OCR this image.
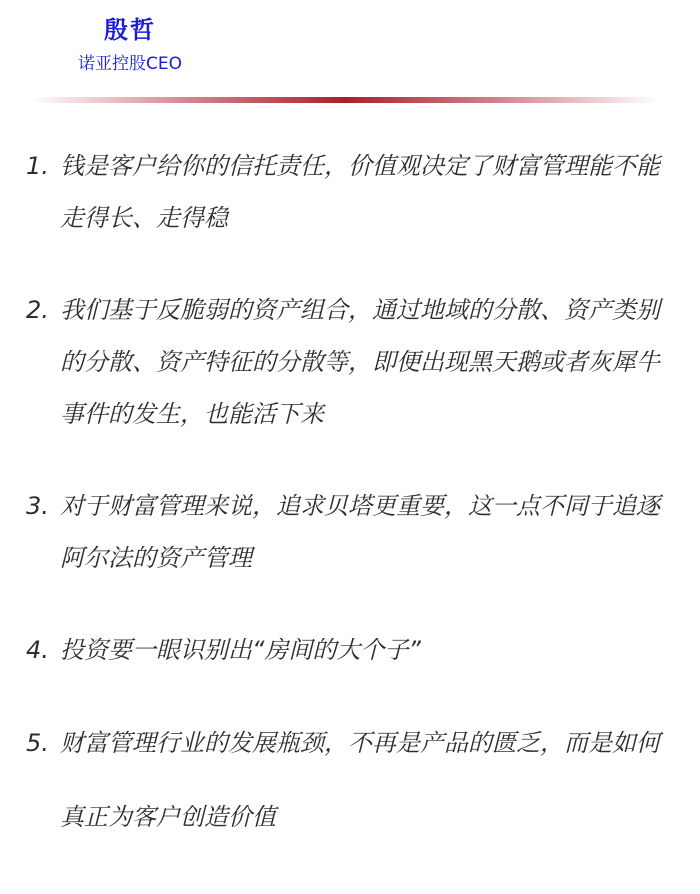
殷哲
诺亚控股CEO
1. 钱是客户给你的信托责任，价值观决定了财富管理能不能走得长、走得稳
2. 我们基于反脆弱的资产组合，通过地域的分散、资产类别的分散、资产特征的分散等，即便出现黑天鹅或者灰犀牛事件的发生，也能活下来
3. 对于财富管理来说，追求贝塔更重要，这一点不同于追逐阿尔法的资产管理
4. 投资要一眼识别出“房间的大个子”
5. 财富管理行业的发展瓶颈，不再是产品的匮乏，而是如何真正为客户创造价值
